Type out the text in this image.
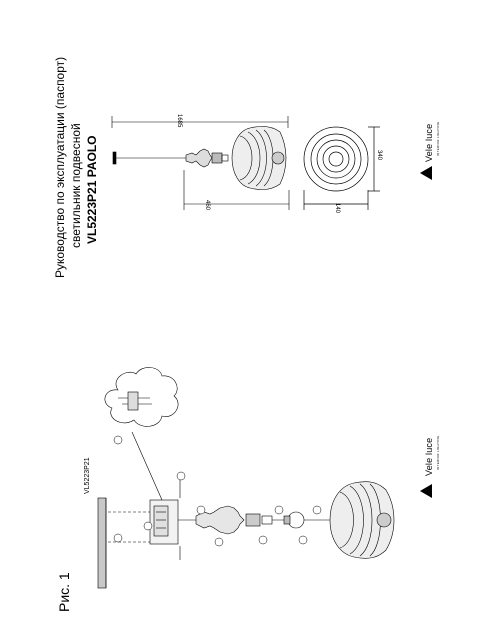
Рис. 1
VL5223P21
Руководство по эксплуатации (паспорт) светильник подвесной VL5223P21 PAOLO	Vele luce INTERIOR LIGHTING
Vele luce INTERIOR LIGHTING
1685
460
340
140
